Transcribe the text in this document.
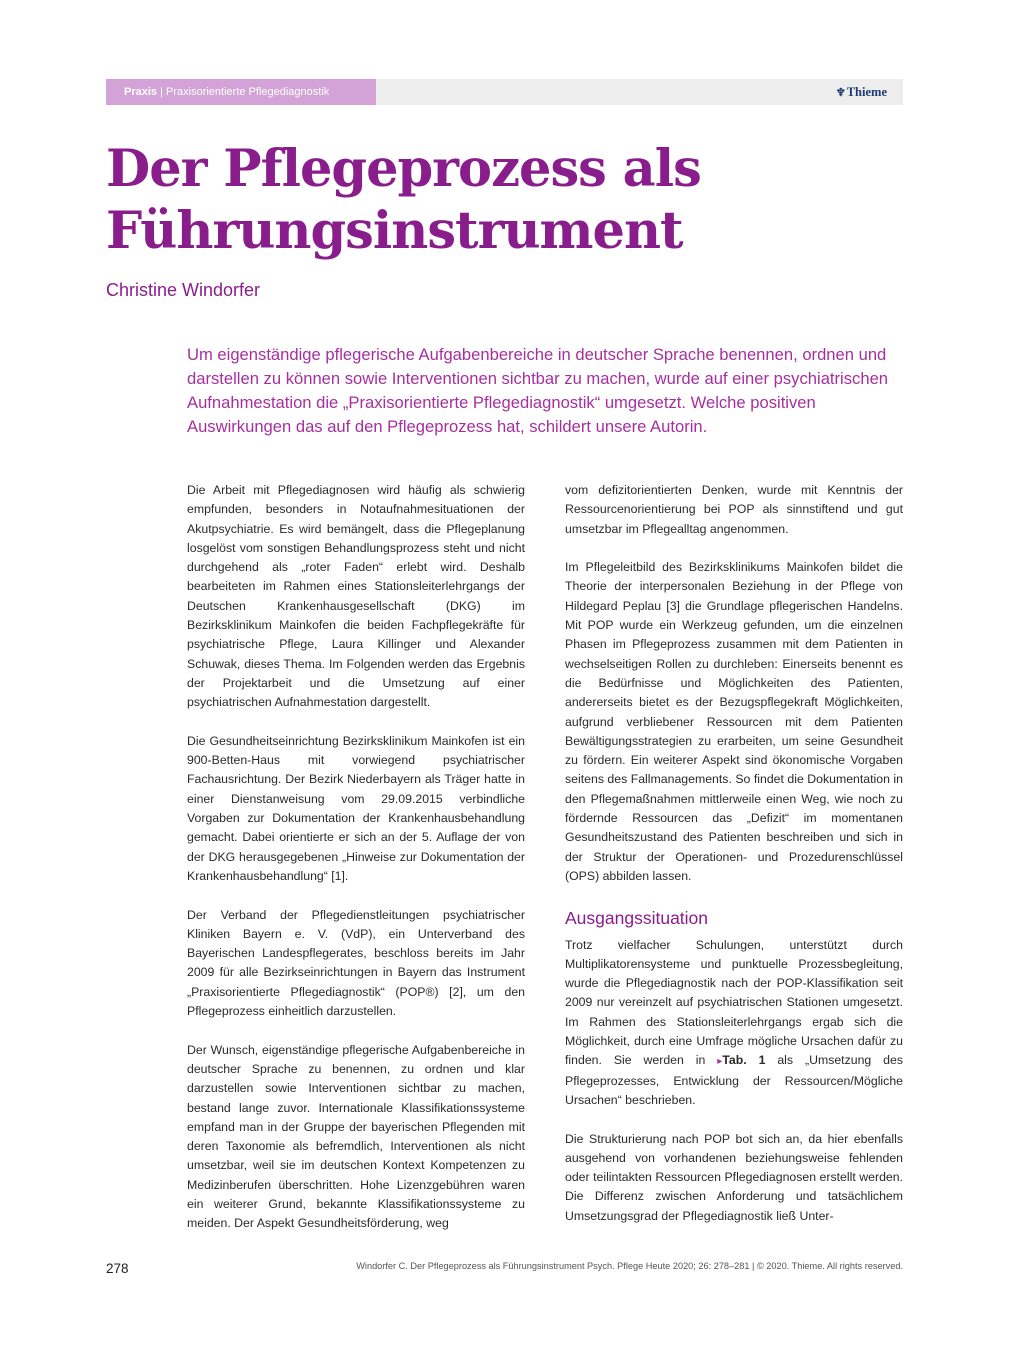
Praxis | Praxisorientierte Pflegediagnostik	♆Thieme
Der Pflegeprozess als Führungsinstrument
Christine Windorfer

Um eigenständige pflegerische Aufgabenbereiche in deutscher Sprache benennen, ordnen und darstellen zu können sowie Interventionen sichtbar zu machen, wurde auf einer psychiatrischen Aufnahmestation die „Praxisorientierte Pflegediagnostik“ umgesetzt. Welche positiven Auswirkungen das auf den Pflegeprozess hat, schildert unsere Autorin.

Die Arbeit mit Pflegediagnosen wird häufig als schwierig empfunden, besonders in Notaufnahmesituationen der Akutpsychiatrie. Es wird bemängelt, dass die Pflegeplanung losgelöst vom sonstigen Behandlungsprozess steht und nicht durchgehend als „roter Faden“ erlebt wird. Deshalb bearbeiteten im Rahmen eines Stationsleiterlehrgangs der Deutschen Krankenhausgesellschaft (DKG) im Bezirksklinikum Mainkofen die beiden Fachpflegekräfte für psychiatrische Pflege, Laura Killinger und Alexander Schuwak, dieses Thema. Im Folgenden werden das Ergebnis der Projektarbeit und die Umsetzung auf einer psychiatrischen Aufnahmestation dargestellt.

Die Gesundheitseinrichtung Bezirksklinikum Mainkofen ist ein 900-Betten-Haus mit vorwiegend psychiatrischer Fachausrichtung. Der Bezirk Niederbayern als Träger hatte in einer Dienstanweisung vom 29.09.2015 verbindliche Vorgaben zur Dokumentation der Krankenhausbehandlung gemacht. Dabei orientierte er sich an der 5. Auflage der von der DKG herausgegebenen „Hinweise zur Dokumentation der Krankenhausbehandlung“ [1].

Der Verband der Pflegedienstleitungen psychiatrischer Kliniken Bayern e. V. (VdP), ein Unterverband des Bayerischen Landespflegerates, beschloss bereits im Jahr 2009 für alle Bezirkseinrichtungen in Bayern das Instrument „Praxisorientierte Pflegediagnostik“ (POP®) [2], um den Pflegeprozess einheitlich darzustellen.

Der Wunsch, eigenständige pflegerische Aufgabenbereiche in deutscher Sprache zu benennen, zu ordnen und klar darzustellen sowie Interventionen sichtbar zu machen, bestand lange zuvor. Internationale Klassifikationssysteme empfand man in der Gruppe der bayerischen Pflegenden mit deren Taxonomie als befremdlich, Interventionen als nicht umsetzbar, weil sie im deutschen Kontext Kompetenzen zu Medizinberufen überschritten. Hohe Lizenzgebühren waren ein weiterer Grund, bekannte Klassifikationssysteme zu meiden. Der Aspekt Gesundheitsförderung, weg

vom defizitorientierten Denken, wurde mit Kenntnis der Ressourcenorientierung bei POP als sinnstiftend und gut umsetzbar im Pflegealltag angenommen.

Im Pflegeleitbild des Bezirksklinikums Mainkofen bildet die Theorie der interpersonalen Beziehung in der Pflege von Hildegard Peplau [3] die Grundlage pflegerischen Handelns. Mit POP wurde ein Werkzeug gefunden, um die einzelnen Phasen im Pflegeprozess zusammen mit dem Patienten in wechselseitigen Rollen zu durchleben: Einerseits benennt es die Bedürfnisse und Möglichkeiten des Patienten, andererseits bietet es der Bezugspflegekraft Möglichkeiten, aufgrund verbliebener Ressourcen mit dem Patienten Bewältigungsstrategien zu erarbeiten, um seine Gesundheit zu fördern. Ein weiterer Aspekt sind ökonomische Vorgaben seitens des Fallmanagements. So findet die Dokumentation in den Pflegemaßnahmen mittlerweile einen Weg, wie noch zu fördernde Ressourcen das „Defizit“ im momentanen Gesundheitszustand des Patienten beschreiben und sich in der Struktur der Operationen- und Prozedurenschlüssel (OPS) abbilden lassen.

Ausgangssituation

Trotz vielfacher Schulungen, unterstützt durch Multiplikatorensysteme und punktuelle Prozessbegleitung, wurde die Pflegediagnostik nach der POP-Klassifikation seit 2009 nur vereinzelt auf psychiatrischen Stationen umgesetzt. Im Rahmen des Stationsleiterlehrgangs ergab sich die Möglichkeit, durch eine Umfrage mögliche Ursachen dafür zu finden. Sie werden in ▸Tab. 1 als „Umsetzung des Pflegeprozesses, Entwicklung der Ressourcen/Mögliche Ursachen“ beschrieben.

Die Strukturierung nach POP bot sich an, da hier ebenfalls ausgehend von vorhandenen beziehungsweise fehlenden oder teilintakten Ressourcen Pflegediagnosen erstellt werden. Die Differenz zwischen Anforderung und tatsächlichem Umsetzungsgrad der Pflegediagnostik ließ Unter-

278	Windorfer C. Der Pflegeprozess als Führungsinstrument Psych. Pflege Heute 2020; 26: 278–281 | © 2020. Thieme. All rights reserved.
